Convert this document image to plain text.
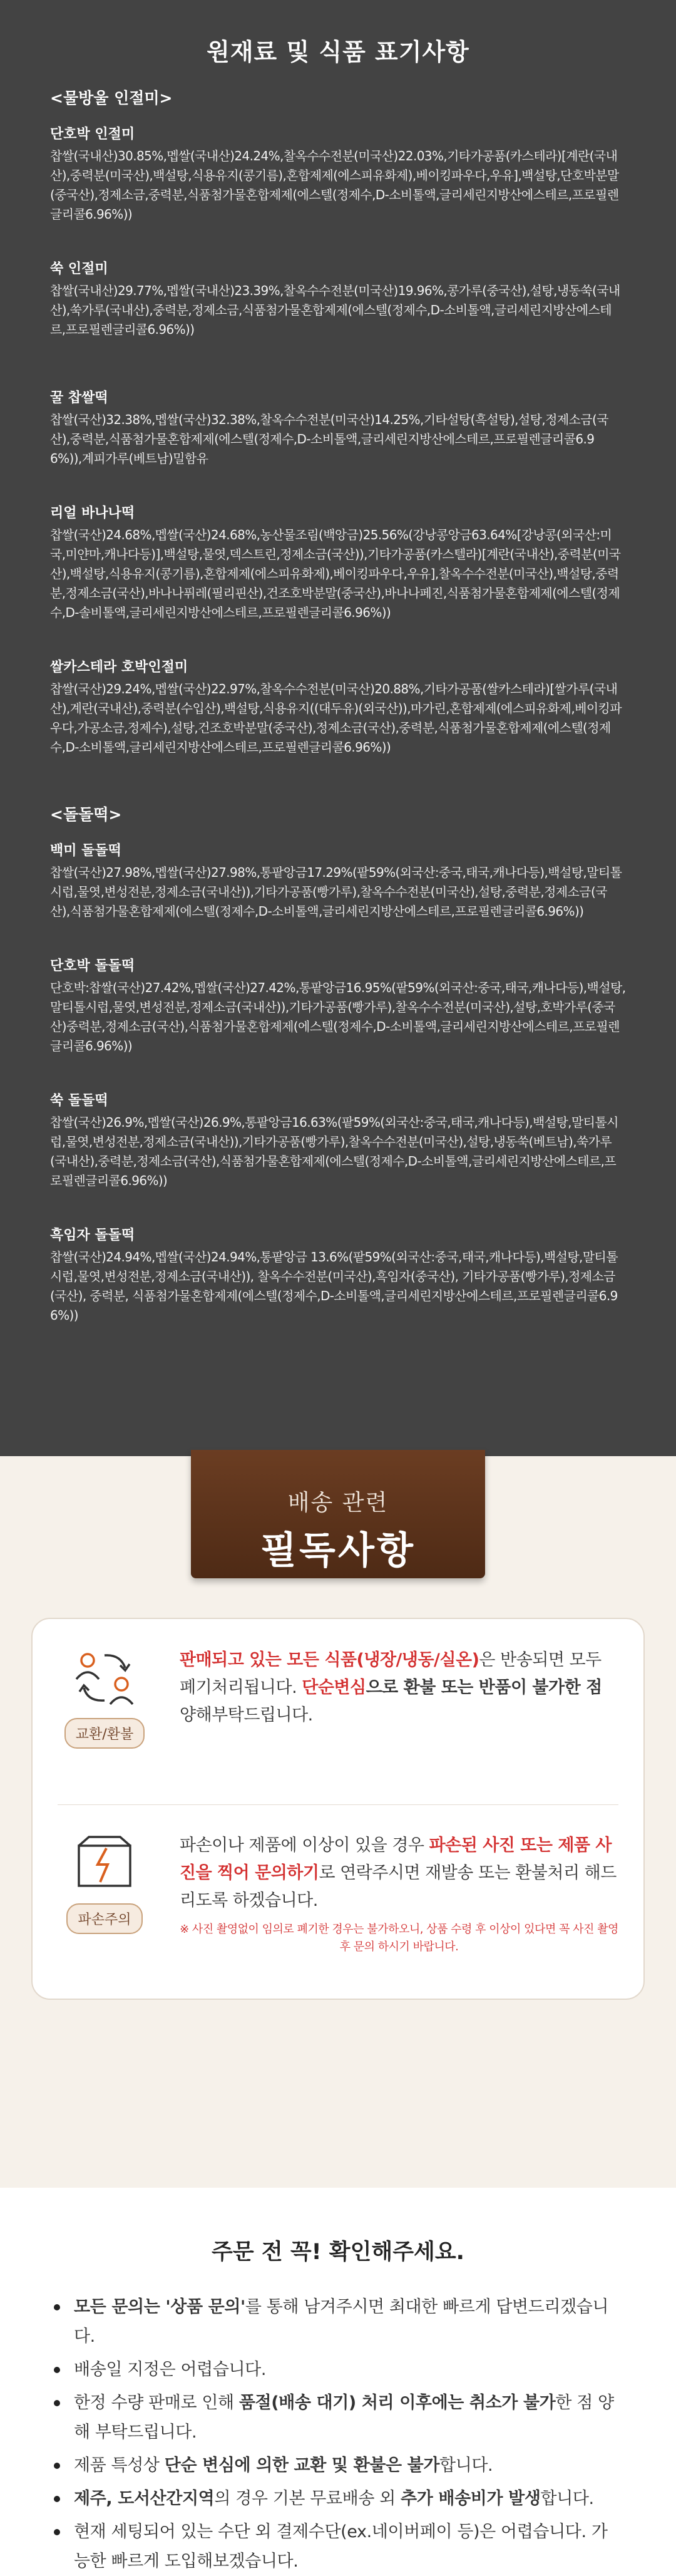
원재료 및 식품 표기사항
<물방울 인절미>
단호박 인절미
찹쌀(국내산)30.85%,멥쌀(국내산)24.24%,찰옥수수전분(미국산)22.03%,기타가공품(카스테라)[계란(국내산),중력분(미국산),백설탕,식용유지(콩기름),혼합제제(에스피유화제),베이킹파우다,우유],백설탕,단호박분말(중국산),정제소금,중력분,식품첨가물혼합제제(에스텔(정제수,D-소비톨액,글리세린지방산에스테르,프로필렌글리콜6.96%))
쑥 인절미
찹쌀(국내산)29.77%,멥쌀(국내산)23.39%,찰옥수수전분(미국산)19.96%,콩가루(중국산),설탕,냉동쑥(국내산),쑥가루(국내산),중력분,정제소금,식품첨가물혼합제제(에스텔(정제수,D-소비톨액,글리세린지방산에스테르,프로필렌글리콜6.96%))
꿀 찹쌀떡
찹쌀(국산)32.38%,멥쌀(국산)32.38%,찰옥수수전분(미국산)14.25%,기타설탕(흑설탕),설탕,정제소금(국산),중력분,식품첨가물혼합제제(에스텔(정제수,D-소비톨액,글리세린지방산에스테르,프로필렌글리콜6.96%)),계피가루(베트남)밀함유
리얼 바나나떡
찹쌀(국산)24.68%,멥쌀(국산)24.68%,농산물조림(백앙금)25.56%(강낭콩앙금63.64%[강낭콩(외국산:미국,미얀마,캐나다등)],백설탕,물엿,덱스트린,정제소금(국산)),기타가공품(카스텔라)[계란(국내산),중력분(미국산),백설탕,식용유지(콩기름),혼합제제(에스피유화제),베이킹파우다,우유],찰옥수수전분(미국산),백설탕,중력분,정제소금(국산),바나나퓌레(필리핀산),건조호박분말(중국산),바나나페진,식품첨가물혼합제제(에스텔(정제수,D-솔비톨액,글리세린지방산에스테르,프로필렌글리콜6.96%))
쌀카스테라 호박인절미
찹쌀(국산)29.24%,멥쌀(국산)22.97%,찰옥수수전분(미국산)20.88%,기타가공품(쌀카스테라)[쌀가루(국내산),계란(국내산),중력분(수입산),백설탕,식용유지((대두유)(외국산)),마가린,혼합제제(에스피유화제,베이킹파우다,가공소금,정제수),설탕,건조호박분말(중국산),정제소금(국산),중력분,식품첨가물혼합제제(에스텔(정제수,D-소비톨액,글리세린지방산에스테르,프로필렌글리콜6.96%))
<돌돌떡>
백미 돌돌떡
찹쌀(국산)27.98%,멥쌀(국산)27.98%,통팥앙금17.29%(팥59%(외국산:중국,태국,캐나다등),백설탕,말티톨시럽,물엿,변성전분,정제소금(국내산)),기타가공품(빵가루),찰옥수수전분(미국산),설탕,중력분,정제소금(국산),식품첨가물혼합제제(에스텔(정제수,D-소비톨액,글리세린지방산에스테르,프로필렌글리콜6.96%))
단호박 돌돌떡
단호박:찹쌀(국산)27.42%,멥쌀(국산)27.42%,통팥앙금16.95%(팥59%(외국산:중국,태국,캐나다등),백설탕,말티톨시럽,물엿,변성전분,정제소금(국내산)),기타가공품(빵가루),찰옥수수전분(미국산),설탕,호박가루(중국산)중력분,정제소금(국산),식품첨가물혼합제제(에스텔(정제수,D-소비톨액,글리세린지방산에스테르,프로필렌글리콜6.96%))
쑥 돌돌떡
찹쌀(국산)26.9%,멥쌀(국산)26.9%,통팥앙금16.63%(팥59%(외국산:중국,태국,캐나다등),백설탕,말티톨시럽,물엿,변성전분,정제소금(국내산)),기타가공품(빵가루),찰옥수수전분(미국산),설탕,냉동쑥(베트남),쑥가루(국내산),중력분,정제소금(국산),식품첨가물혼합제제(에스텔(정제수,D-소비톨액,글리세린지방산에스테르,프로필렌글리콜6.96%))
흑임자 돌돌떡
찹쌀(국산)24.94%,멥쌀(국산)24.94%,통팥앙금 13.6%(팥59%(외국산:중국,태국,캐나다등),백설탕,말티톨시럽,물엿,변성전분,정제소금(국내산)), 찰옥수수전분(미국산),흑임자(중국산), 기타가공품(빵가루),정제소금(국산), 중력분, 식품첨가물혼합제제(에스텔(정제수,D-소비톨액,글리세린지방산에스테르,프로필렌글리콜6.96%))
배송 관련
필독사항
교환/환불
판매되고 있는 모든 식품(냉장/냉동/실온)은 반송되면 모두 폐기처리됩니다. 단순변심으로 환불 또는 반품이 불가한 점 양해부탁드립니다.
파손주의
파손이나 제품에 이상이 있을 경우 파손된 사진 또는 제품 사진을 찍어 문의하기로 연락주시면 재발송 또는 환불처리 해드리도록 하겠습니다.
※ 사진 촬영없이 임의로 폐기한 경우는 불가하오니, 상품 수령 후 이상이 있다면 꼭 사진 촬영 후 문의 하시기 바랍니다.
주문 전 꼭! 확인해주세요.
모든 문의는 '상품 문의'를 통해 남겨주시면 최대한 빠르게 답변드리겠습니다.
배송일 지정은 어렵습니다.
한정 수량 판매로 인해 품절(배송 대기) 처리 이후에는 취소가 불가한 점 양해 부탁드립니다.
제품 특성상 단순 변심에 의한 교환 및 환불은 불가합니다.
제주, 도서산간지역의 경우 기본 무료배송 외 추가 배송비가 발생합니다.
현재 세팅되어 있는 수단 외 결제수단(ex.네이버페이 등)은 어렵습니다. 가능한 빠르게 도입해보겠습니다.
